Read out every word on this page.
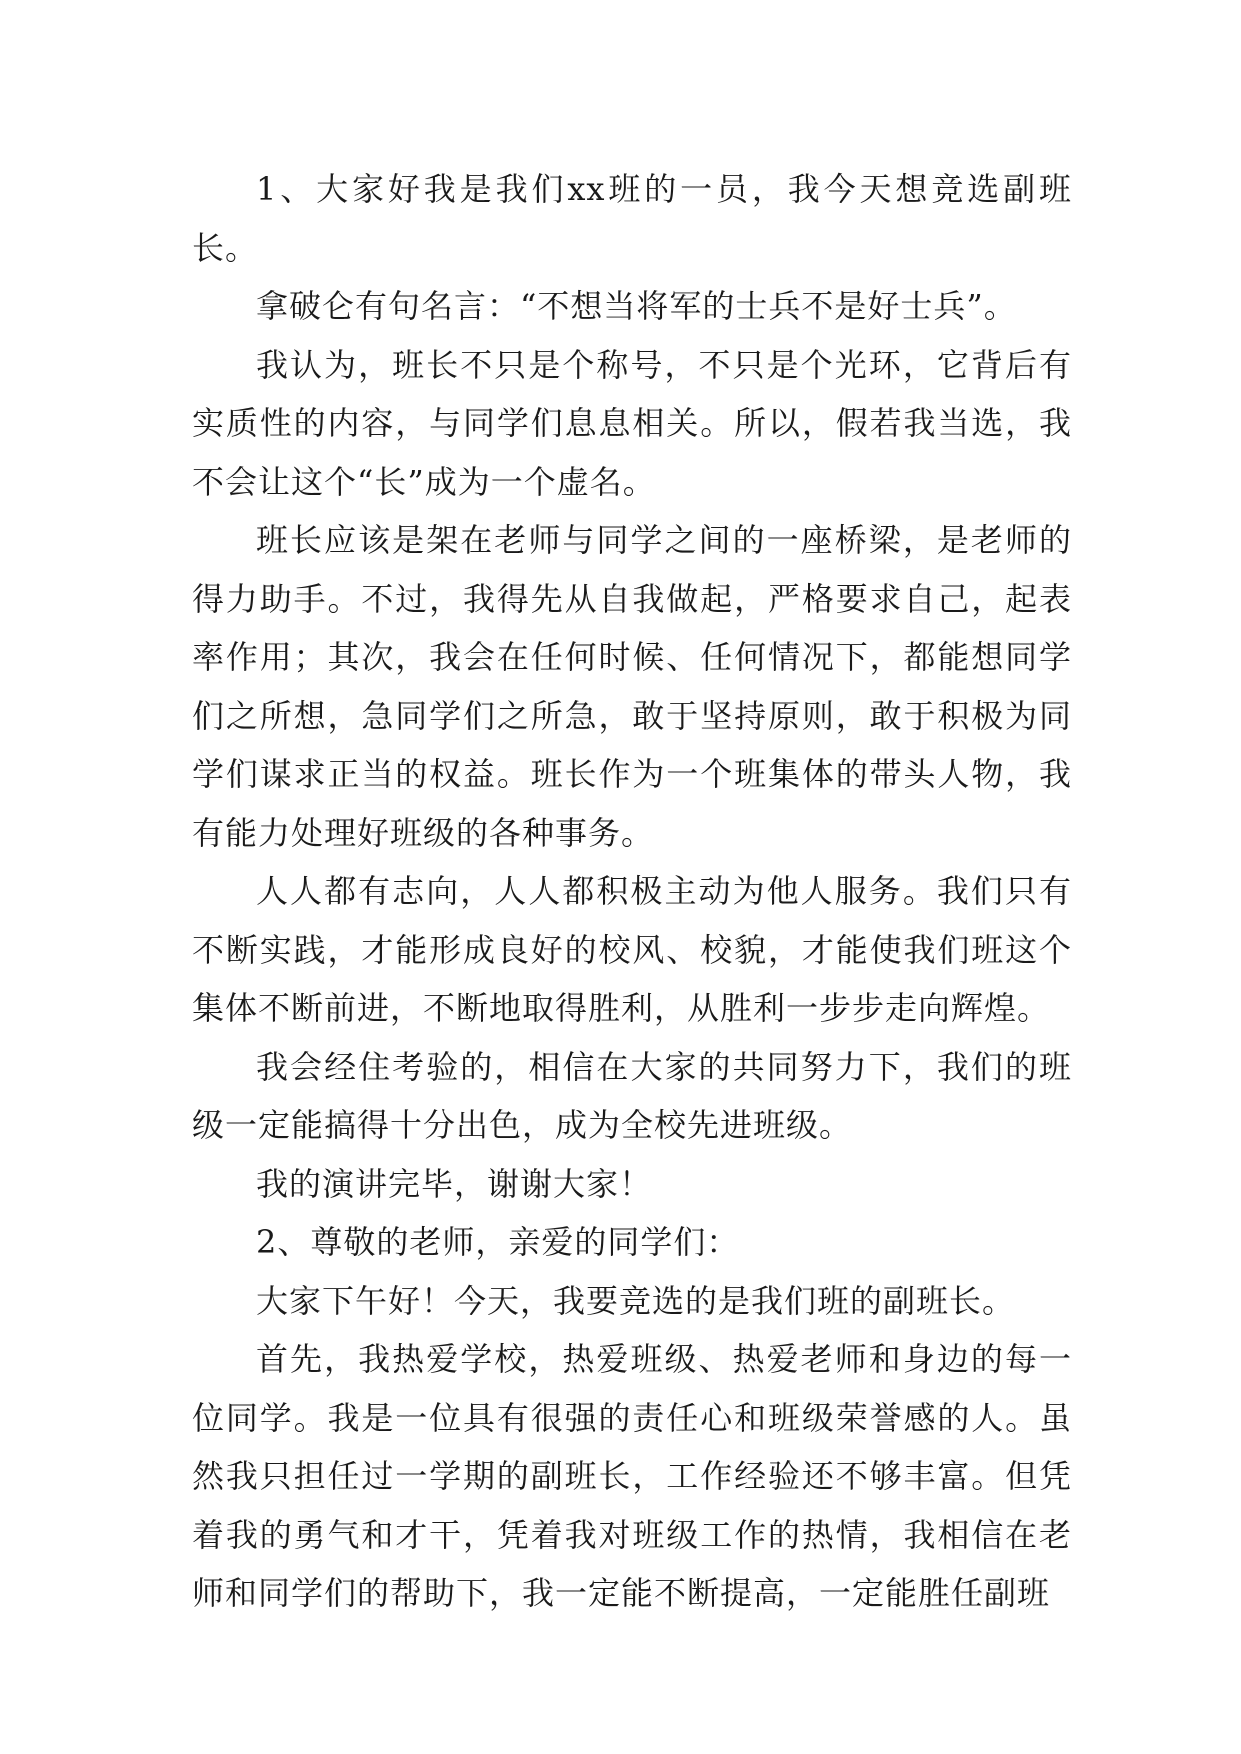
1、大家好我是我们xx班的一员，我今天想竞选副班长。

拿破仑有句名言：“不想当将军的士兵不是好士兵”。

我认为，班长不只是个称号，不只是个光环，它背后有实质性的内容，与同学们息息相关。所以，假若我当选，我不会让这个“长”成为一个虚名。

班长应该是架在老师与同学之间的一座桥梁，是老师的得力助手。不过，我得先从自我做起，严格要求自己，起表率作用；其次，我会在任何时候、任何情况下，都能想同学们之所想，急同学们之所急，敢于坚持原则，敢于积极为同学们谋求正当的权益。班长作为一个班集体的带头人物，我有能力处理好班级的各种事务。

人人都有志向，人人都积极主动为他人服务。我们只有不断实践，才能形成良好的校风、校貌，才能使我们班这个集体不断前进，不断地取得胜利，从胜利一步步走向辉煌。

我会经住考验的，相信在大家的共同努力下，我们的班级一定能搞得十分出色，成为全校先进班级。

我的演讲完毕，谢谢大家！

2、尊敬的老师，亲爱的同学们：

大家下午好！今天，我要竞选的是我们班的副班长。

首先，我热爱学校，热爱班级、热爱老师和身边的每一位同学。我是一位具有很强的责任心和班级荣誉感的人。虽然我只担任过一学期的副班长，工作经验还不够丰富。但凭着我的勇气和才干，凭着我对班级工作的热情，我相信在老师和同学们的帮助下，我一定能不断提高，一定能胜任副班
